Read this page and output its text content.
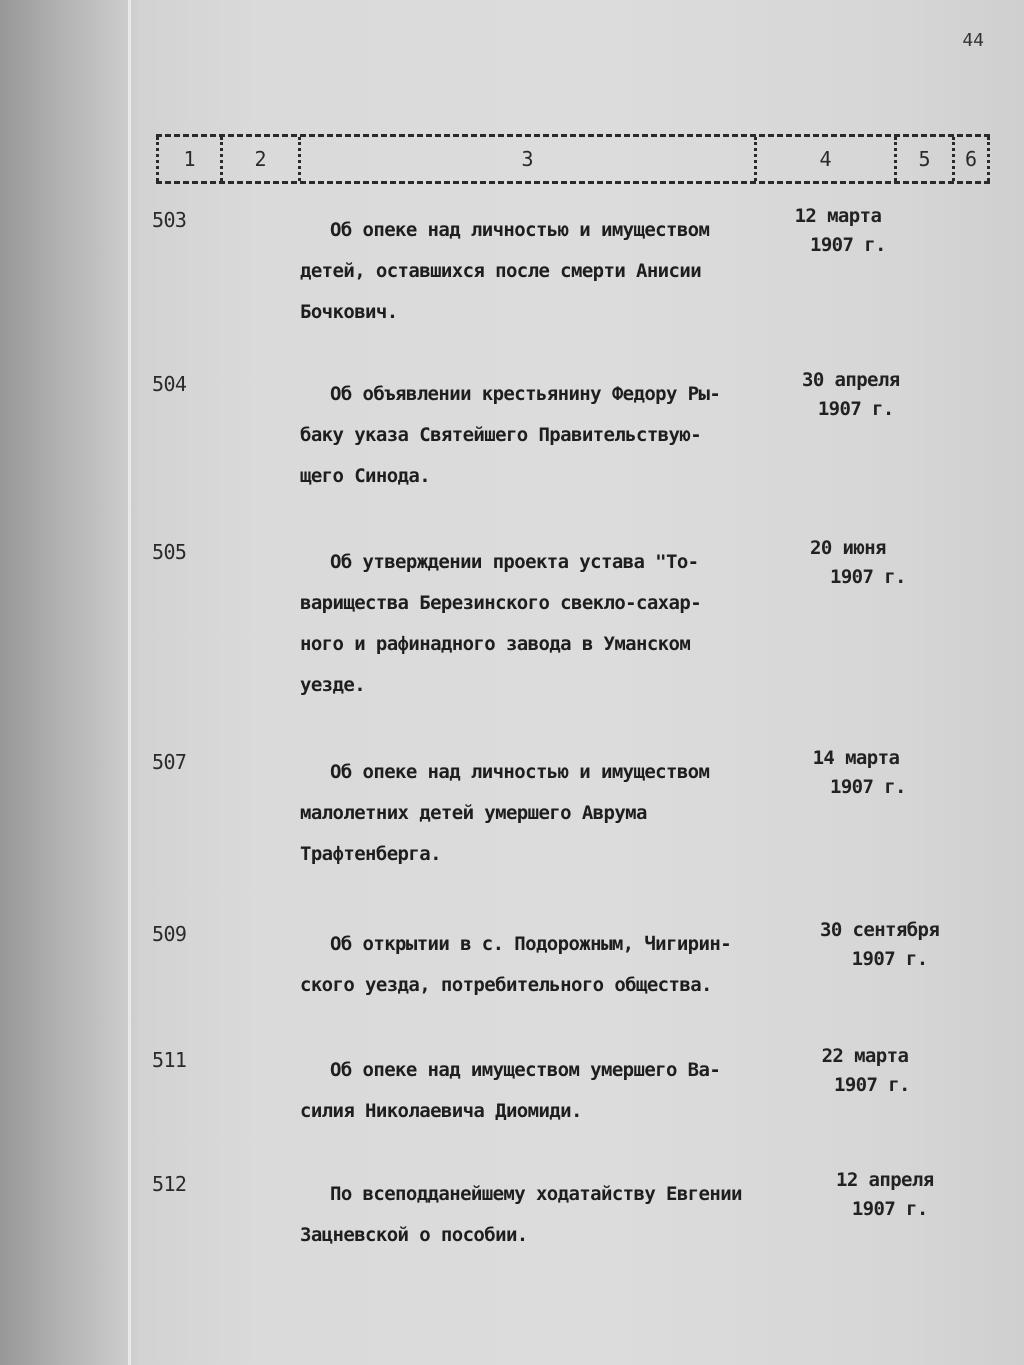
44
1	2	3	4	5	6
503	Об опеке над личностью и имуществом
детей, оставшихся после смерти Анисии
Бочкович.
12 марта
1907 г.
504	Об объявлении крестьянину Федору Ры-
баку указа Святейшего Правительствую-
щего Синода.
30 апреля
1907 г.
505	Об утверждении проекта устава "То-
варищества Березинского свекло-сахар-
ного и рафинадного завода в Уманском
уезде.
20 июня
1907 г.
507	Об опеке над личностью и имуществом
малолетних детей умершего Аврума
Трафтенберга.
14 марта
1907 г.
509	Об открытии в с. Подорожным, Чигирин-
ского уезда, потребительного общества.
30 сентября
1907 г.
511	Об опеке над имуществом умершего Ва-
силия Николаевича Диомиди.
22 марта
1907 г.
512	По всеподданейшему ходатайству Евгении
Зацневской о пособии.
12 апреля
1907 г.
